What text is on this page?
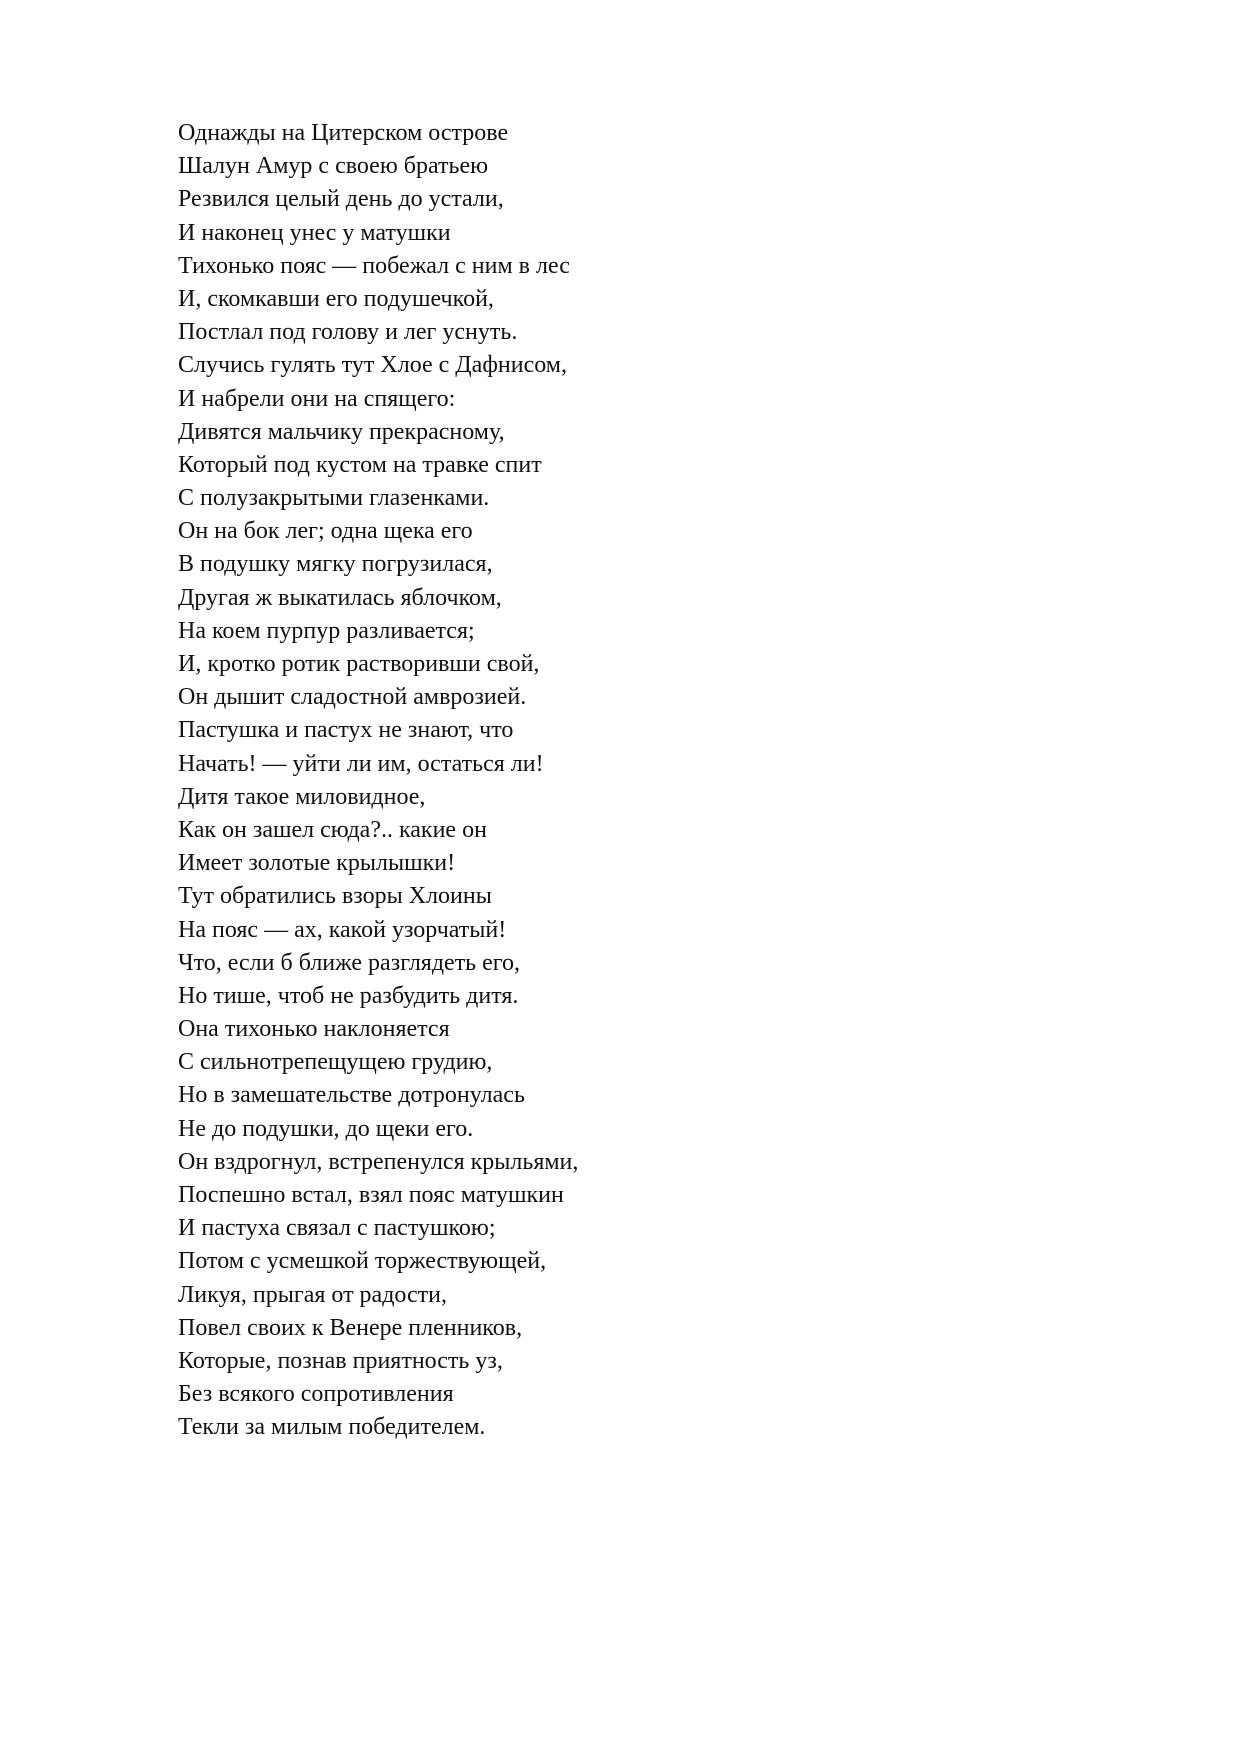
Однажды на Цитерском острове
Шалун Амур с своею братьею
Резвился целый день до устали,
И наконец унес у матушки
Тихонько пояс — побежал с ним в лес
И, скомкавши его подушечкой,
Постлал под голову и лег уснуть.
Случись гулять тут Хлое с Дафнисом,
И набрели они на спящего:
Дивятся мальчику прекрасному,
Который под кустом на травке спит
С полузакрытыми глазенками.
Он на бок лег; одна щека его
В подушку мягку погрузилася,
Другая ж выкатилась яблочком,
На коем пурпур разливается;
И, кротко ротик растворивши свой,
Он дышит сладостной амврозией.
Пастушка и пастух не знают, что
Начать! — уйти ли им, остаться ли!
Дитя такое миловидное,
Как он зашел сюда?.. какие он
Имеет золотые крылышки!
Тут обратились взоры Хлоины
На пояс — ах, какой узорчатый!
Что, если б ближе разглядеть его,
Но тише, чтоб не разбудить дитя.
Она тихонько наклоняется
С сильнотрепещущею грудию,
Но в замешательстве дотронулась
Не до подушки, до щеки его.
Он вздрогнул, встрепенулся крыльями,
Поспешно встал, взял пояс матушкин
И пастуха связал с пастушкою;
Потом с усмешкой торжествующей,
Ликуя, прыгая от радости,
Повел своих к Венере пленников,
Которые, познав приятность уз,
Без всякого сопротивления
Текли за милым победителем.
